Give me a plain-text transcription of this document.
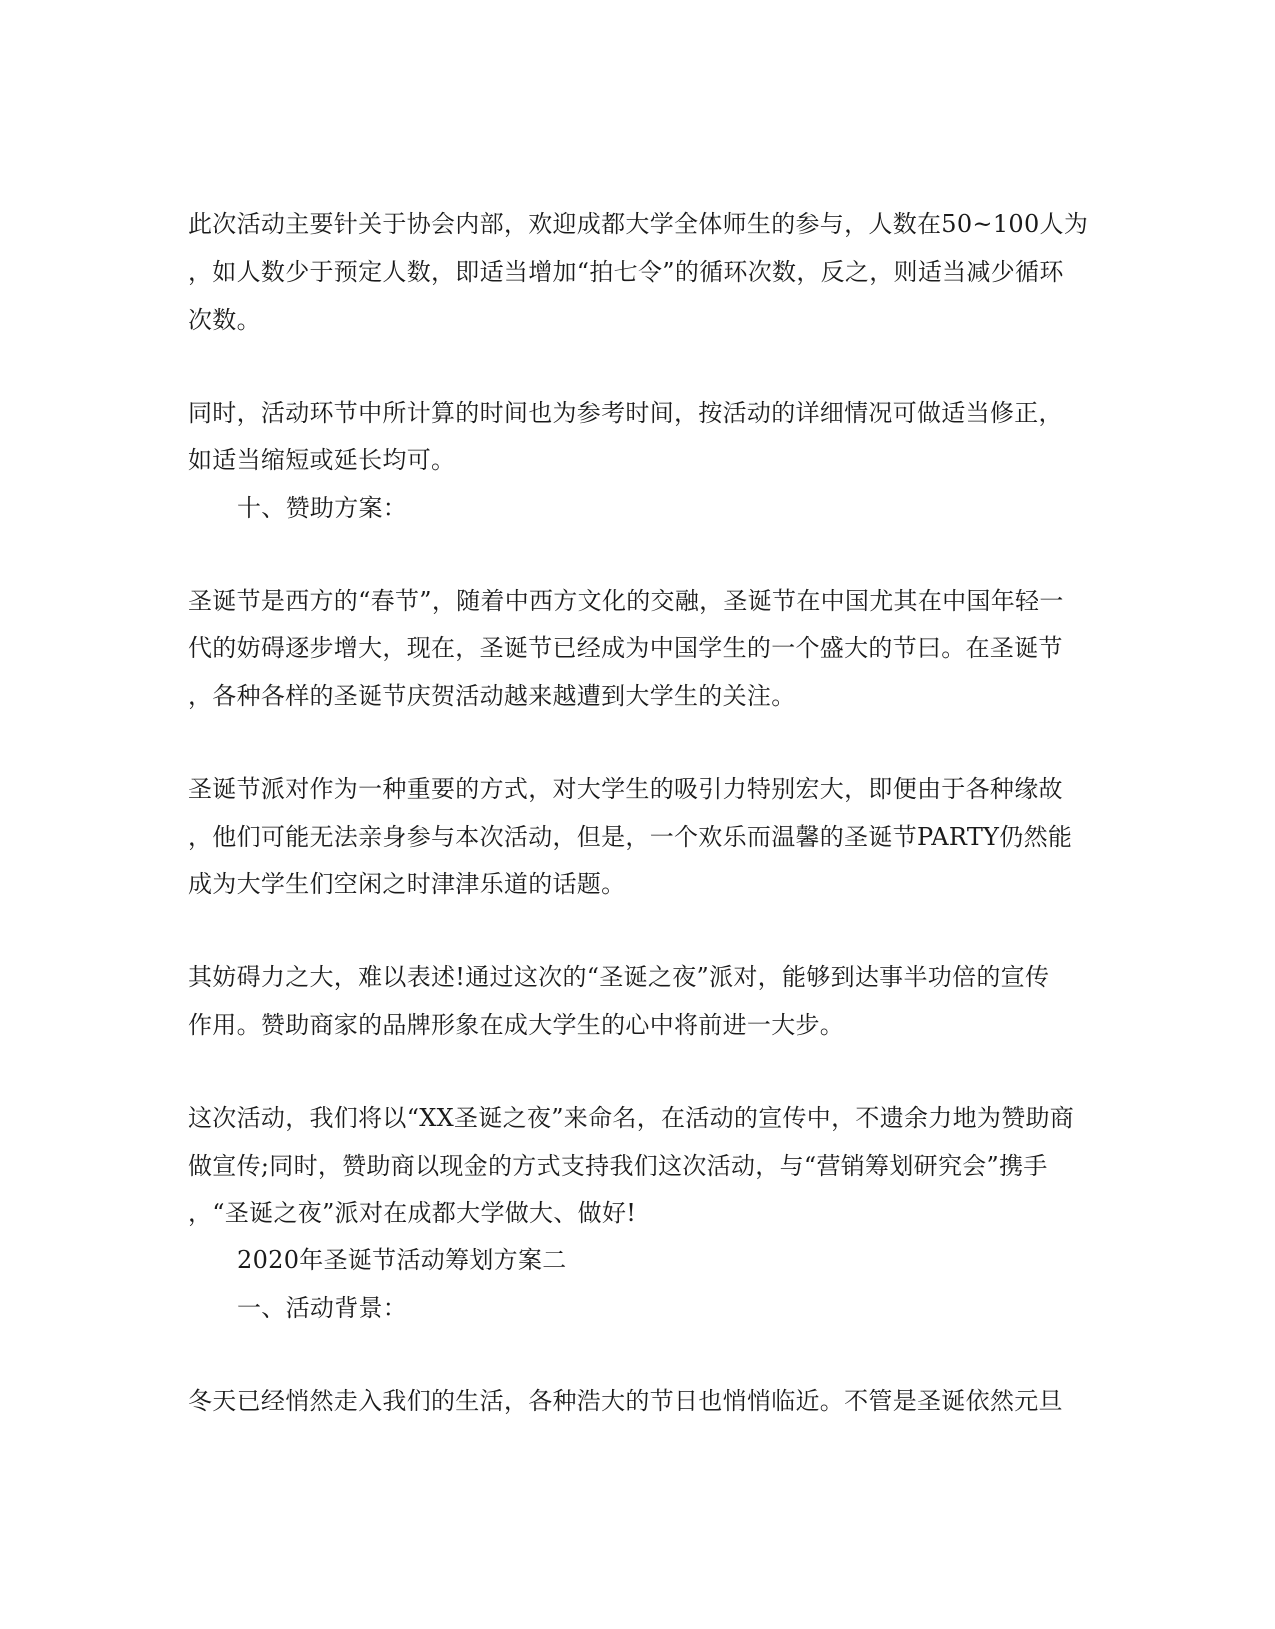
此次活动主要针关于协会内部，欢迎成都大学全体师生的参与，人数在50~100人为
，如人数少于预定人数，即适当增加“拍七令”的循环次数，反之，则适当减少循环
次数。
同时，活动环节中所计算的时间也为参考时间，按活动的详细情况可做适当修正，
如适当缩短或延长均可。
十、赞助方案：
圣诞节是西方的“春节”，随着中西方文化的交融，圣诞节在中国尤其在中国年轻一
代的妨碍逐步增大，现在，圣诞节已经成为中国学生的一个盛大的节曰。在圣诞节
，各种各样的圣诞节庆贺活动越来越遭到大学生的关注。
圣诞节派对作为一种重要的方式，对大学生的吸引力特别宏大，即便由于各种缘故
，他们可能无法亲身参与本次活动，但是，一个欢乐而温馨的圣诞节PARTY仍然能
成为大学生们空闲之时津津乐道的话题。
其妨碍力之大，难以表述!通过这次的“圣诞之夜”派对，能够到达事半功倍的宣传
作用。赞助商家的品牌形象在成大学生的心中将前进一大步。
这次活动，我们将以“XX圣诞之夜”来命名，在活动的宣传中，不遗余力地为赞助商
做宣传;同时，赞助商以现金的方式支持我们这次活动，与“营销筹划研究会”携手
，“圣诞之夜”派对在成都大学做大、做好!
2020年圣诞节活动筹划方案二
一、活动背景：
冬天已经悄然走入我们的生活，各种浩大的节日也悄悄临近。不管是圣诞依然元旦
